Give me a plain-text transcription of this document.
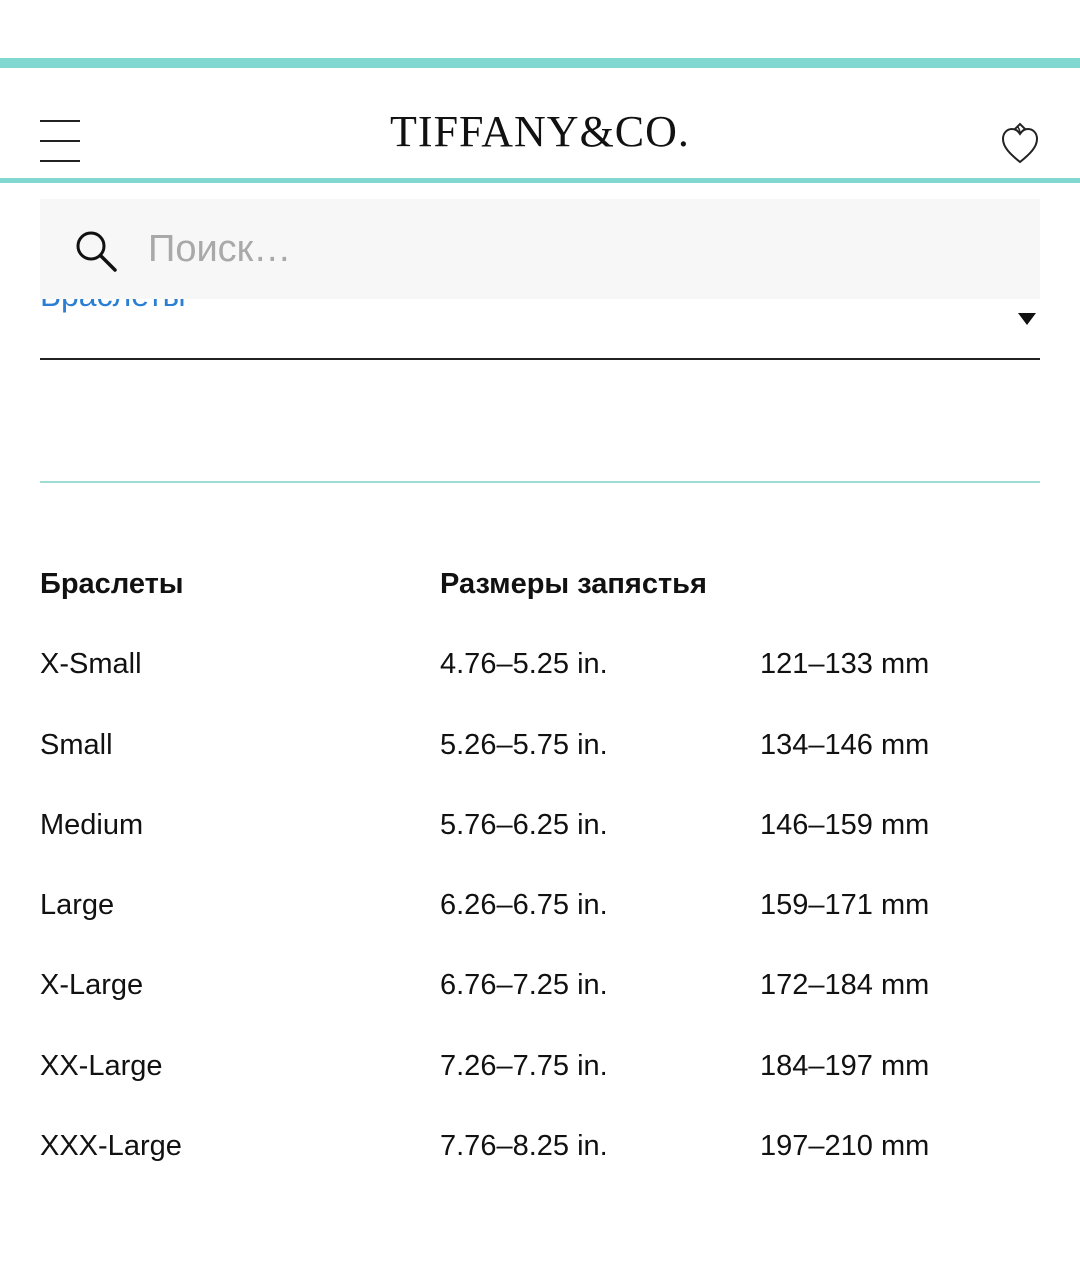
TIFFANY&CO.
Поиск…
Браслеты	Размеры запястья
X-Small	4.76–5.25 in.	121–133 mm
Small	5.26–5.75 in.	134–146 mm
Medium	5.76–6.25 in.	146–159 mm
Large	6.26–6.75 in.	159–171 mm
X-Large	6.76–7.25 in.	172–184 mm
XX-Large	7.26–7.75 in.	184–197 mm
XXX-Large	7.76–8.25 in.	197–210 mm
